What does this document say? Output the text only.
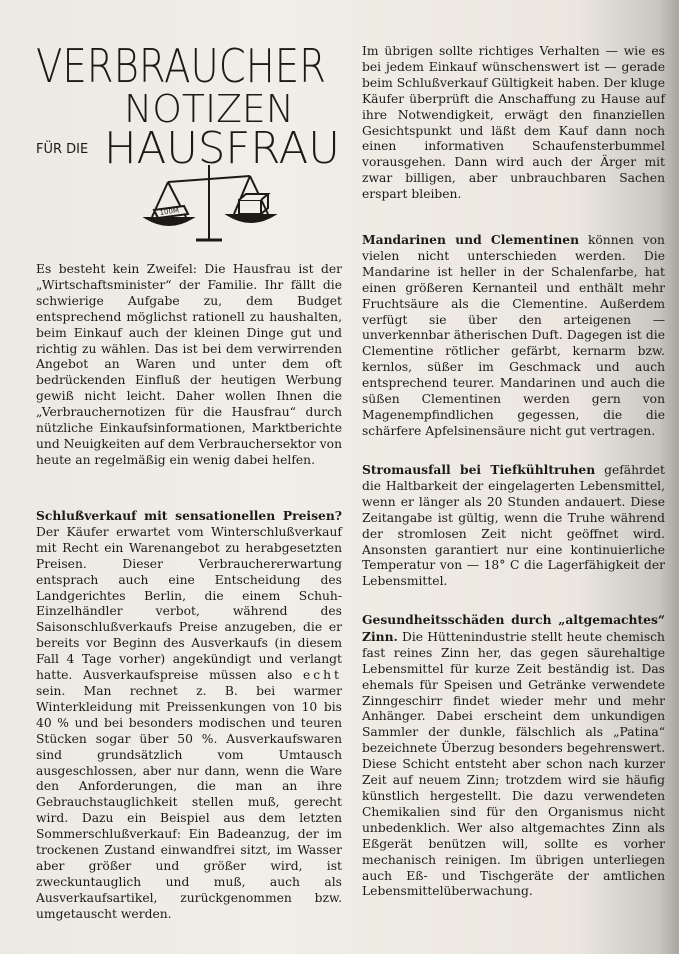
VERBRAUCHER
NOTIZEN
FÜR DIE HAUSFRAU
100M

Es besteht kein Zweifel: Die Hausfrau ist der „Wirtschaftsminister“ der Familie. Ihr fällt die schwierige Aufgabe zu, dem Budget entsprechend möglichst rationell zu haushalten, beim Einkauf auch der kleinen Dinge gut und richtig zu wählen. Das ist bei dem verwirrenden Angebot an Waren und unter dem oft bedrückenden Einfluß der heutigen Werbung gewiß nicht leicht. Daher wollen Ihnen die „Verbrauchernotizen für die Hausfrau“ durch nützliche Einkaufsinformationen, Marktberichte und Neuigkeiten auf dem Verbrauchersektor von heute an regelmäßig ein wenig dabei helfen.

Schlußverkauf mit sensationellen Preisen? Der Käufer erwartet vom Winterschlußverkauf mit Recht ein Warenangebot zu herabgesetzten Preisen. Dieser Verbrauchererwartung entsprach auch eine Entscheidung des Landgerichtes Berlin, die einem Schuh-Einzelhändler verbot, während des Saisonschlußverkaufs Preise anzugeben, die er bereits vor Beginn des Ausverkaufs (in diesem Fall 4 Tage vorher) angekündigt und verlangt hatte. Ausverkaufspreise müssen also echt sein. Man rechnet z. B. bei warmer Winterkleidung mit Preissenkungen von 10 bis 40 % und bei besonders modischen und teuren Stücken sogar über 50 %. Ausverkaufswaren sind grundsätzlich vom Umtausch ausgeschlossen, aber nur dann, wenn die Ware den Anforderungen, die man an ihre Gebrauchstauglichkeit stellen muß, gerecht wird. Dazu ein Beispiel aus dem letzten Sommerschlußverkauf: Ein Badeanzug, der im trockenen Zustand einwandfrei sitzt, im Wasser aber größer und größer wird, ist zweckuntauglich und muß, auch als Ausverkaufsartikel, zurückgenommen bzw. umgetauscht werden.

Im übrigen sollte richtiges Verhalten — wie es bei jedem Einkauf wünschenswert ist — gerade beim Schlußverkauf Gültigkeit haben. Der kluge Käufer überprüft die Anschaffung zu Hause auf ihre Notwendigkeit, erwägt den finanziellen Gesichtspunkt und läßt dem Kauf dann noch einen informativen Schaufensterbummel vorausgehen. Dann wird auch der Ärger mit zwar billigen, aber unbrauchbaren Sachen erspart bleiben.

Mandarinen und Clementinen können von vielen nicht unterschieden werden. Die Mandarine ist heller in der Schalenfarbe, hat einen größeren Kernanteil und enthält mehr Fruchtsäure als die Clementine. Außerdem verfügt sie über den arteigenen — unverkennbar ätherischen Duft. Dagegen ist die Clementine rötlicher gefärbt, kernarm bzw. kernlos, süßer im Geschmack und auch entsprechend teurer. Mandarinen und auch die süßen Clementinen werden gern von Magenempfindlichen gegessen, die die schärfere Apfelsinensäure nicht gut vertragen.

Stromausfall bei Tiefkühltruhen gefährdet die Haltbarkeit der eingelagerten Lebensmittel, wenn er länger als 20 Stunden andauert. Diese Zeitangabe ist gültig, wenn die Truhe während der stromlosen Zeit nicht geöffnet wird. Ansonsten garantiert nur eine kontinuierliche Temperatur von — 18° C die Lagerfähigkeit der Lebensmittel.

Gesundheitsschäden durch „altgemachtes“ Zinn. Die Hüttenindustrie stellt heute chemisch fast reines Zinn her, das gegen säurehaltige Lebensmittel für kurze Zeit beständig ist. Das ehemals für Speisen und Getränke verwendete Zinngeschirr findet wieder mehr und mehr Anhänger. Dabei erscheint dem unkundigen Sammler der dunkle, fälschlich als „Patina“ bezeichnete Überzug besonders begehrenswert. Diese Schicht entsteht aber schon nach kurzer Zeit auf neuem Zinn; trotzdem wird sie häufig künstlich hergestellt. Die dazu verwendeten Chemikalien sind für den Organismus nicht unbedenklich. Wer also altgemachtes Zinn als Eßgerät benützen will, sollte es vorher mechanisch reinigen. Im übrigen unterliegen auch Eß- und Tischgeräte der amtlichen Lebensmittelüberwachung.
